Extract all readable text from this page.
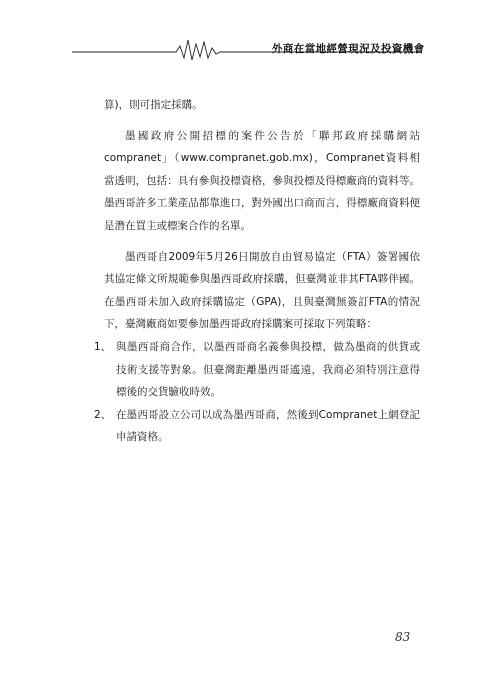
外商在當地經營現況及投資機會

算)，則可指定採購。

墨國政府公開招標的案件公告於「聯邦政府採購網站compranet」（www.compranet.gob.mx)，Compranet資料相當透明，包括：具有參與投標資格，參與投標及得標廠商的資料等。墨西哥許多工業產品都靠進口，對外國出口商而言，得標廠商資料便是潛在買主或標案合作的名單。

墨西哥自2009年5月26日開放自由貿易協定（FTA）簽署國依其協定條文所規範參與墨西哥政府採購，但臺灣並非其FTA夥伴國。在墨西哥未加入政府採購協定（GPA)，且與臺灣無簽訂FTA的情況下，臺灣廠商如要參加墨西哥政府採購案可採取下列策略：

1、 與墨西哥商合作，以墨西哥商名義參與投標，做為墨商的供貨或技術支援等對象。但臺灣距離墨西哥遙遠，我商必須特別注意得標後的交貨驗收時效。
2、 在墨西哥設立公司以成為墨西哥商，然後到Compranet上網登記申請資格。
83
